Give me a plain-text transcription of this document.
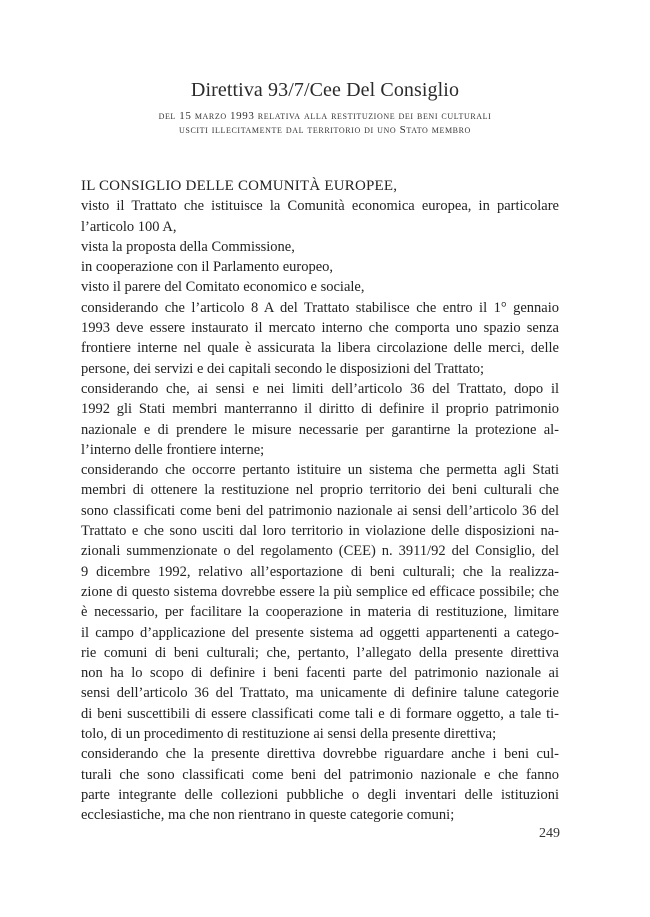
Direttiva 93/7/Cee Del Consiglio
del 15 marzo 1993 relativa alla restituzione dei beni culturali
usciti illecitamente dal territorio di uno Stato membro
IL CONSIGLIO DELLE COMUNITÀ EUROPEE,
visto il Trattato che istituisce la Comunità economica europea, in particolare
l’articolo 100 A,
vista la proposta della Commissione,
in cooperazione con il Parlamento europeo,
visto il parere del Comitato economico e sociale,
considerando che l’articolo 8 A del Trattato stabilisce che entro il 1° gennaio
1993 deve essere instaurato il mercato interno che comporta uno spazio senza
frontiere interne nel quale è assicurata la libera circolazione delle merci, delle
persone, dei servizi e dei capitali secondo le disposizioni del Trattato;
considerando che, ai sensi e nei limiti dell’articolo 36 del Trattato, dopo il
1992 gli Stati membri manterranno il diritto di definire il proprio patrimonio
nazionale e di prendere le misure necessarie per garantirne la protezione al-
l’interno delle frontiere interne;
considerando che occorre pertanto istituire un sistema che permetta agli Stati
membri di ottenere la restituzione nel proprio territorio dei beni culturali che
sono classificati come beni del patrimonio nazionale ai sensi dell’articolo 36 del
Trattato e che sono usciti dal loro territorio in violazione delle disposizioni na-
zionali summenzionate o del regolamento (CEE) n. 3911/92 del Consiglio, del
9 dicembre 1992, relativo all’esportazione di beni culturali; che la realizza-
zione di questo sistema dovrebbe essere la più semplice ed efficace possibile; che
è necessario, per facilitare la cooperazione in materia di restituzione, limitare
il campo d’applicazione del presente sistema ad oggetti appartenenti a catego-
rie comuni di beni culturali; che, pertanto, l’allegato della presente direttiva
non ha lo scopo di definire i beni facenti parte del patrimonio nazionale ai
sensi dell’articolo 36 del Trattato, ma unicamente di definire talune categorie
di beni suscettibili di essere classificati come tali e di formare oggetto, a tale ti-
tolo, di un procedimento di restituzione ai sensi della presente direttiva;
considerando che la presente direttiva dovrebbe riguardare anche i beni cul-
turali che sono classificati come beni del patrimonio nazionale e che fanno
parte integrante delle collezioni pubbliche o degli inventari delle istituzioni
ecclesiastiche, ma che non rientrano in queste categorie comuni;
249
